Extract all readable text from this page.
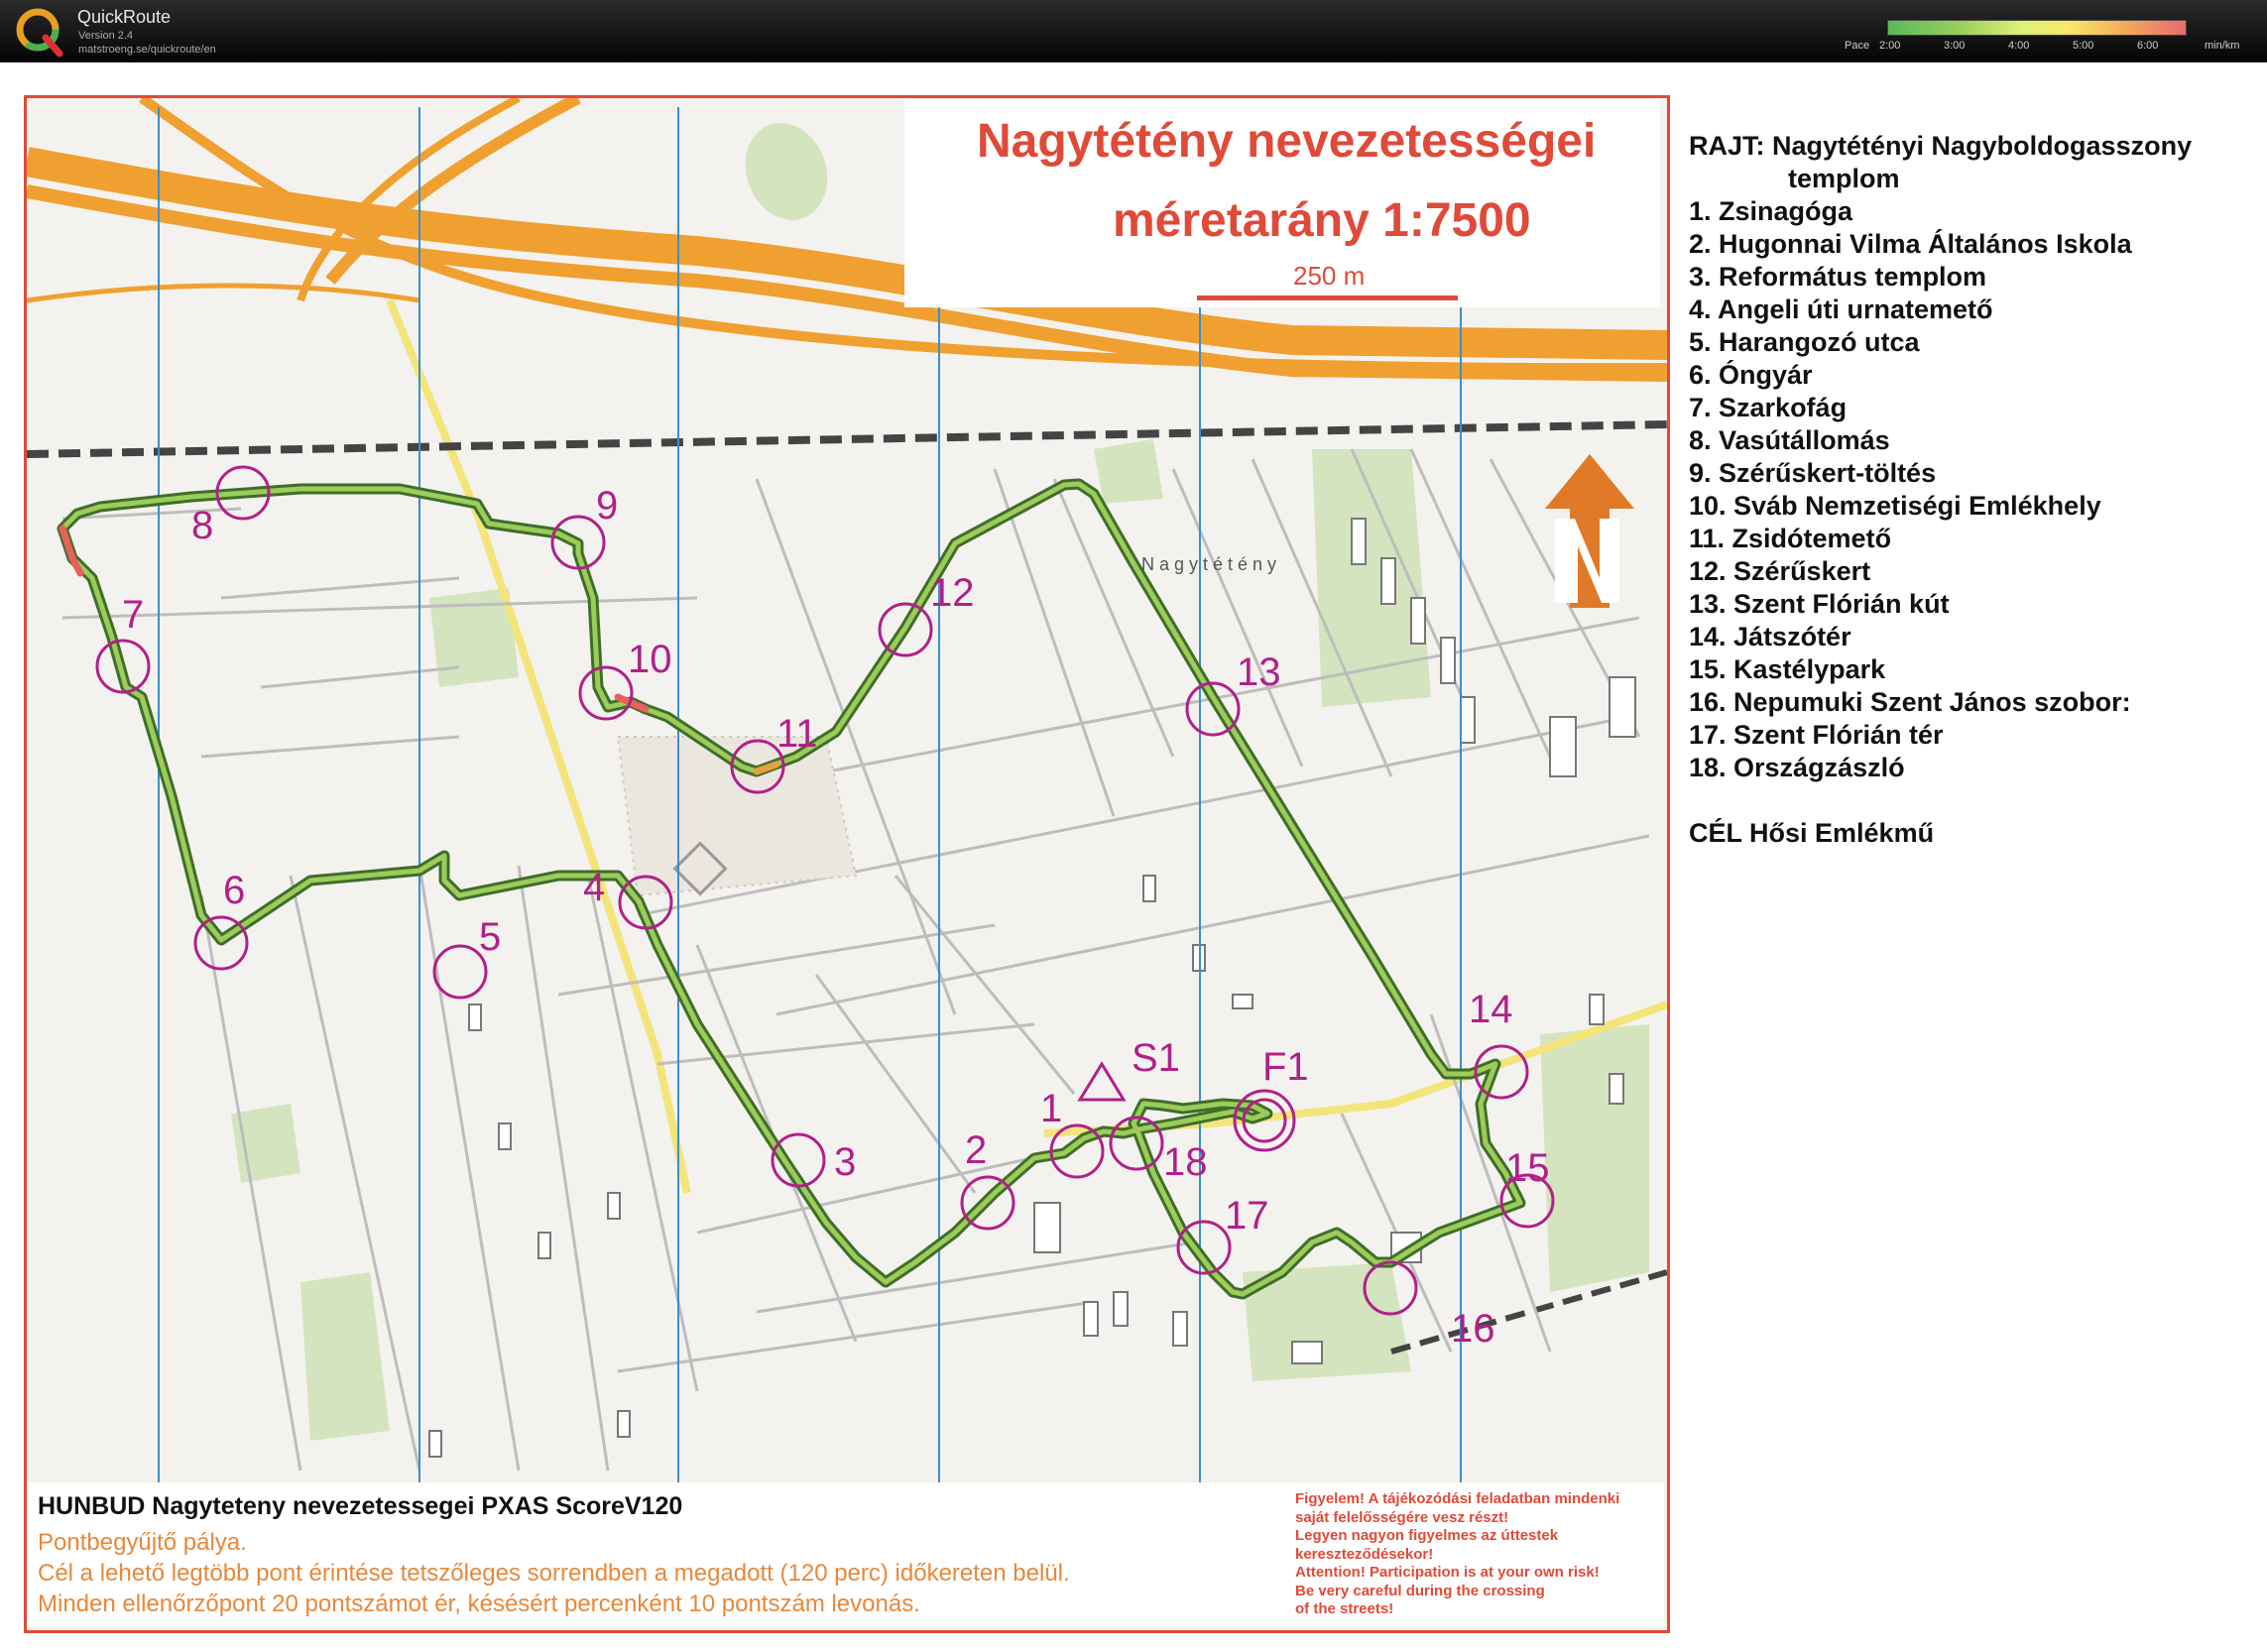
QuickRoute
Version 2.4
matstroeng.se/quickroute/en	Pace 2:00	3:00	4:00	5:00	6:00	min/km
S1
1
2
3
4
5
6
7
8	9
10
11
12
13
14
15
16
17
18
F1
Nagytétény
Nagytétény nevezetességei
méretarány 1:7500
250 m
HUNBUD Nagyteteny nevezetessegei PXAS ScoreV120
Pontbegyűjtő pálya.
Cél a lehető legtöbb pont érintése tetszőleges sorrendben a megadott (120 perc) időkereten belül.
Minden ellenőrzőpont 20 pontszámot ér, késésért percenként 10 pontszám levonás.
Figyelem! A tájékozódási feladatban mindenki
saját felelősségére vesz részt!
Legyen nagyon figyelmes az úttestek
kereszteződésekor!
Attention! Participation is at your own risk!
Be very careful during the crossing
of the streets!
RAJT: Nagytétényi Nagyboldogasszony
templom
1. Zsinagóga
2. Hugonnai Vilma Általános Iskola
3. Református templom
4. Angeli úti urnatemető
5. Harangozó utca
6. Óngyár
7. Szarkofág
8. Vasútállomás
9. Szérűskert-töltés
10. Sváb Nemzetiségi Emlékhely
11. Zsidótemető
12. Szérűskert
13. Szent Flórián kút
14. Játszótér
15. Kastélypark
16. Nepumuki Szent János szobor:
17. Szent Flórián tér
18. Országzászló
CÉL Hősi Emlékmű
